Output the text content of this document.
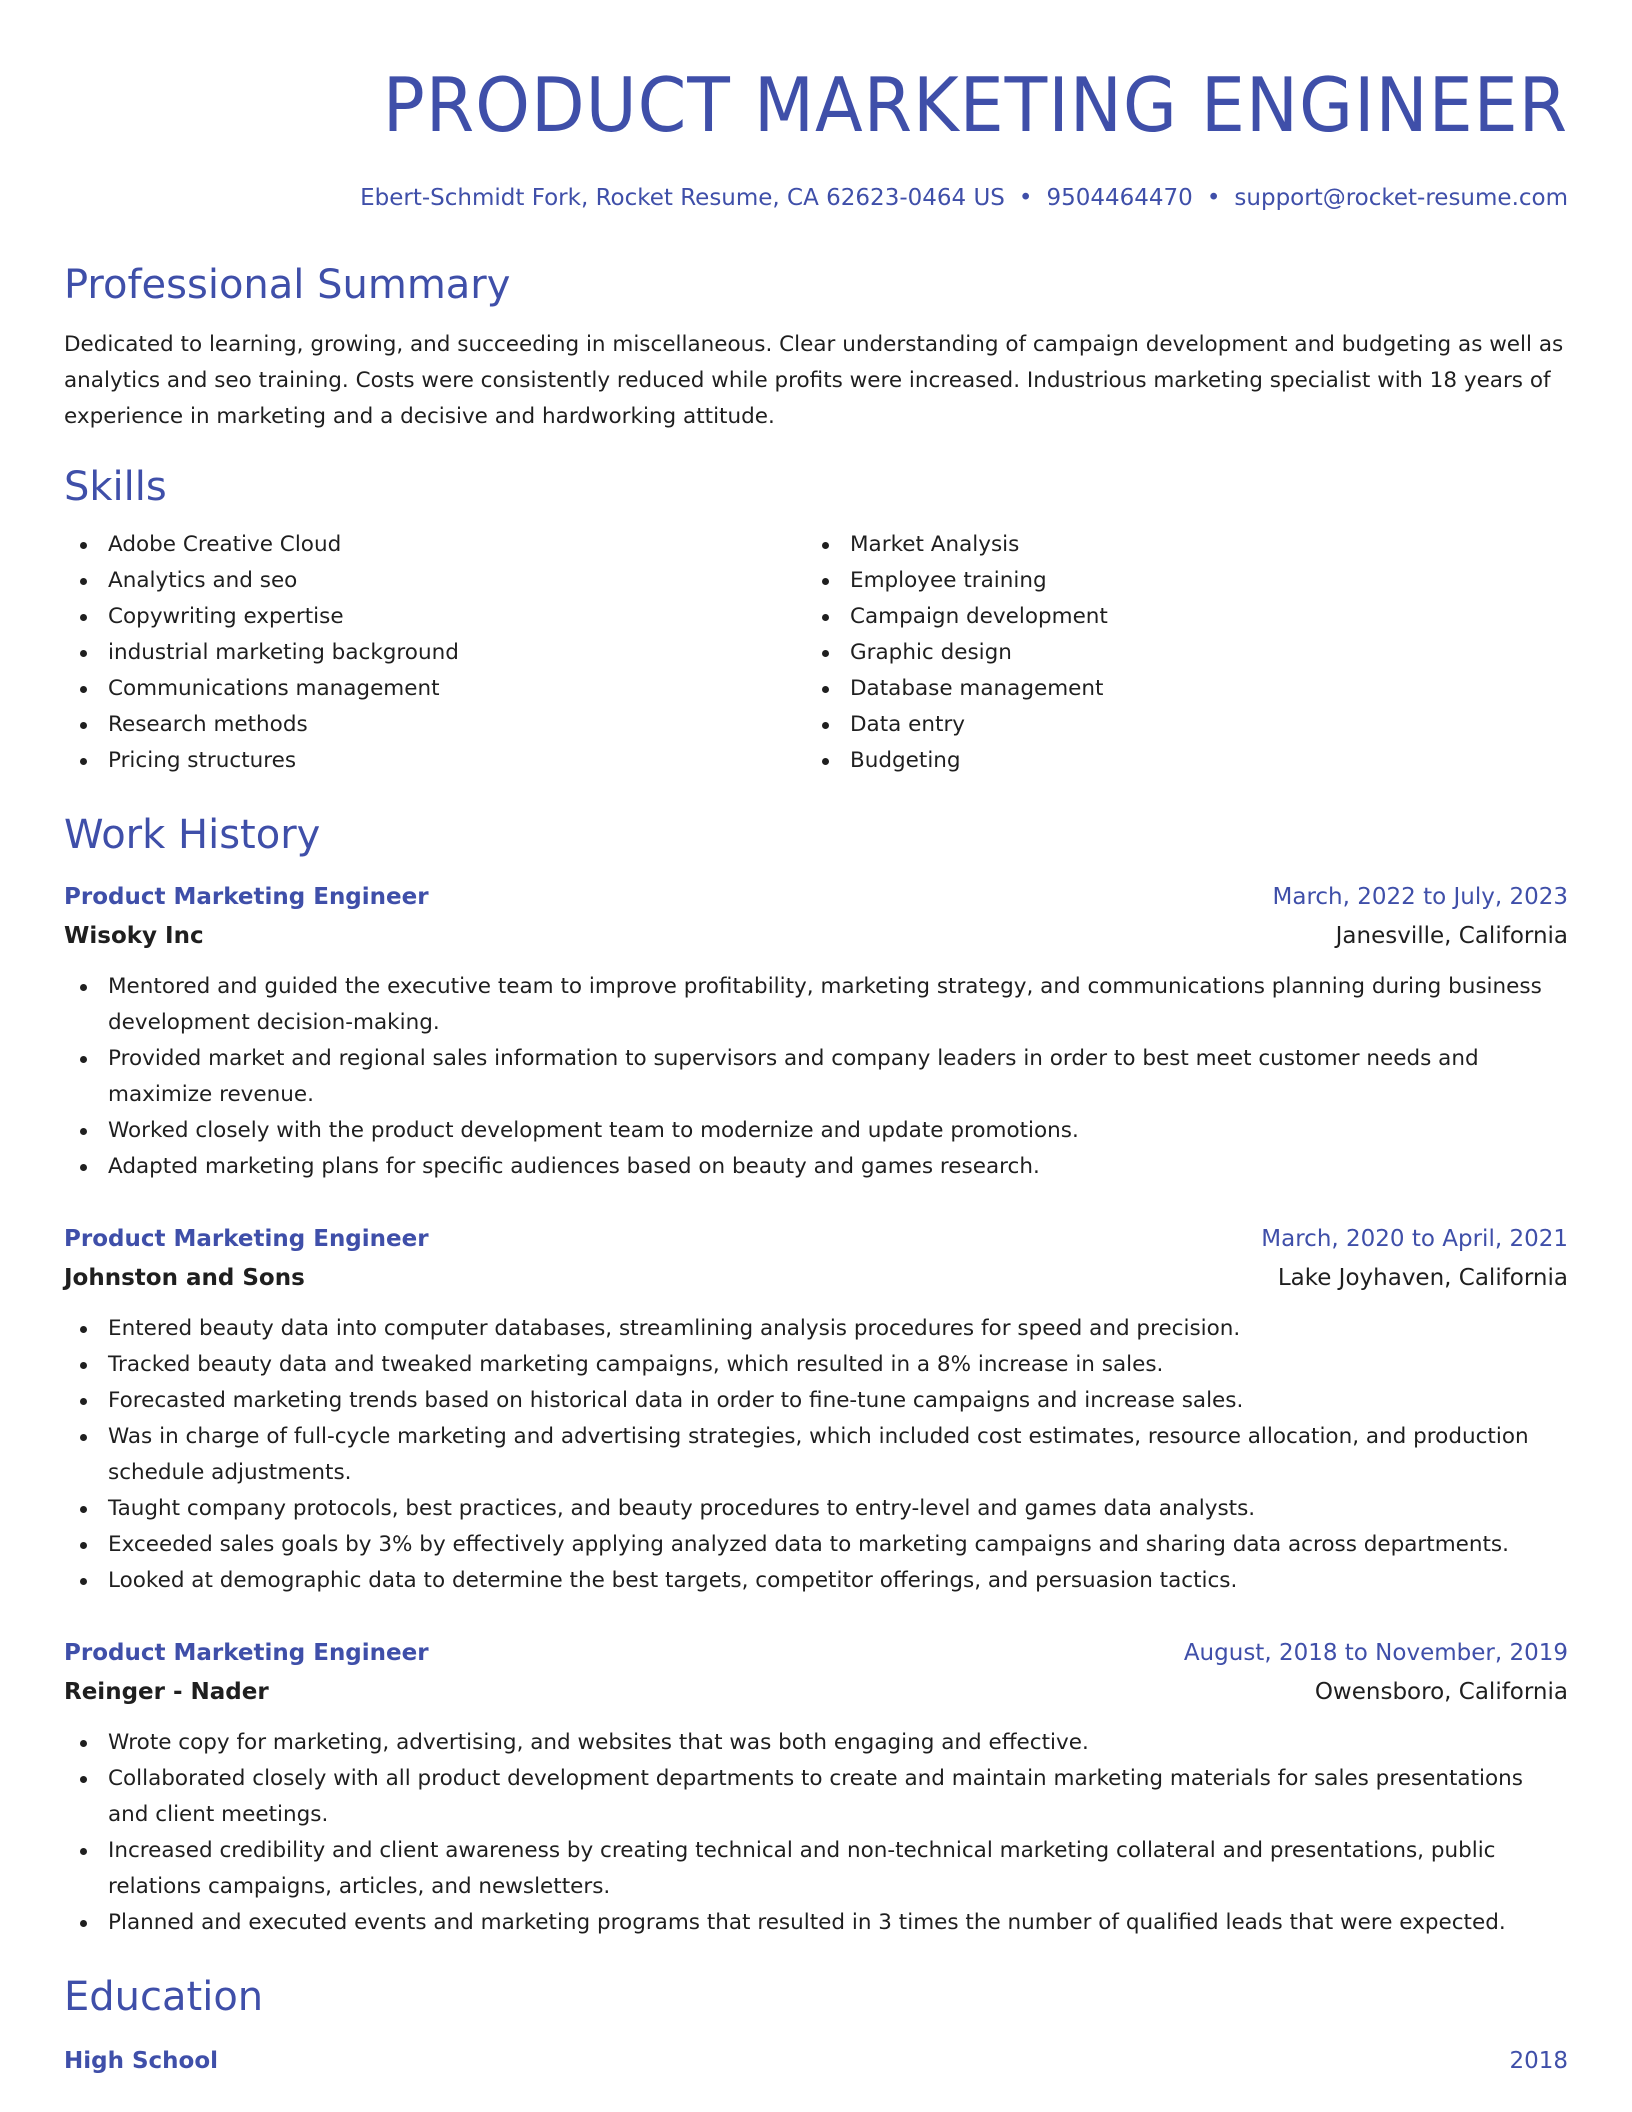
PRODUCT MARKETING ENGINEER
Ebert-Schmidt Fork, Rocket Resume, CA 62623-0464 US • 9504464470 • support@rocket-resume.com
Professional Summary
Dedicated to learning, growing, and succeeding in miscellaneous. Clear understanding of campaign development and budgeting as well as analytics and seo training. Costs were consistently reduced while profits were increased. Industrious marketing specialist with 18 years of experience in marketing and a decisive and hardworking attitude.
Skills
Adobe Creative Cloud
Analytics and seo
Copywriting expertise
industrial marketing background
Communications management
Research methods
Pricing structures
Market Analysis
Employee training
Campaign development
Graphic design
Database management
Data entry
Budgeting
Work History
Product Marketing Engineer	March, 2022 to July, 2023
Wisoky Inc	Janesville, California
Mentored and guided the executive team to improve profitability, marketing strategy, and communications planning during business development decision-making.
Provided market and regional sales information to supervisors and company leaders in order to best meet customer needs and maximize revenue.
Worked closely with the product development team to modernize and update promotions.
Adapted marketing plans for specific audiences based on beauty and games research.
Product Marketing Engineer	March, 2020 to April, 2021
Johnston and Sons	Lake Joyhaven, California
Entered beauty data into computer databases, streamlining analysis procedures for speed and precision.
Tracked beauty data and tweaked marketing campaigns, which resulted in a 8% increase in sales.
Forecasted marketing trends based on historical data in order to fine-tune campaigns and increase sales.
Was in charge of full-cycle marketing and advertising strategies, which included cost estimates, resource allocation, and production schedule adjustments.
Taught company protocols, best practices, and beauty procedures to entry-level and games data analysts.
Exceeded sales goals by 3% by effectively applying analyzed data to marketing campaigns and sharing data across departments.
Looked at demographic data to determine the best targets, competitor offerings, and persuasion tactics.
Product Marketing Engineer	August, 2018 to November, 2019
Reinger - Nader	Owensboro, California
Wrote copy for marketing, advertising, and websites that was both engaging and effective.
Collaborated closely with all product development departments to create and maintain marketing materials for sales presentations and client meetings.
Increased credibility and client awareness by creating technical and non-technical marketing collateral and presentations, public relations campaigns, articles, and newsletters.
Planned and executed events and marketing programs that resulted in 3 times the number of qualified leads that were expected.
Education
High School	2018
